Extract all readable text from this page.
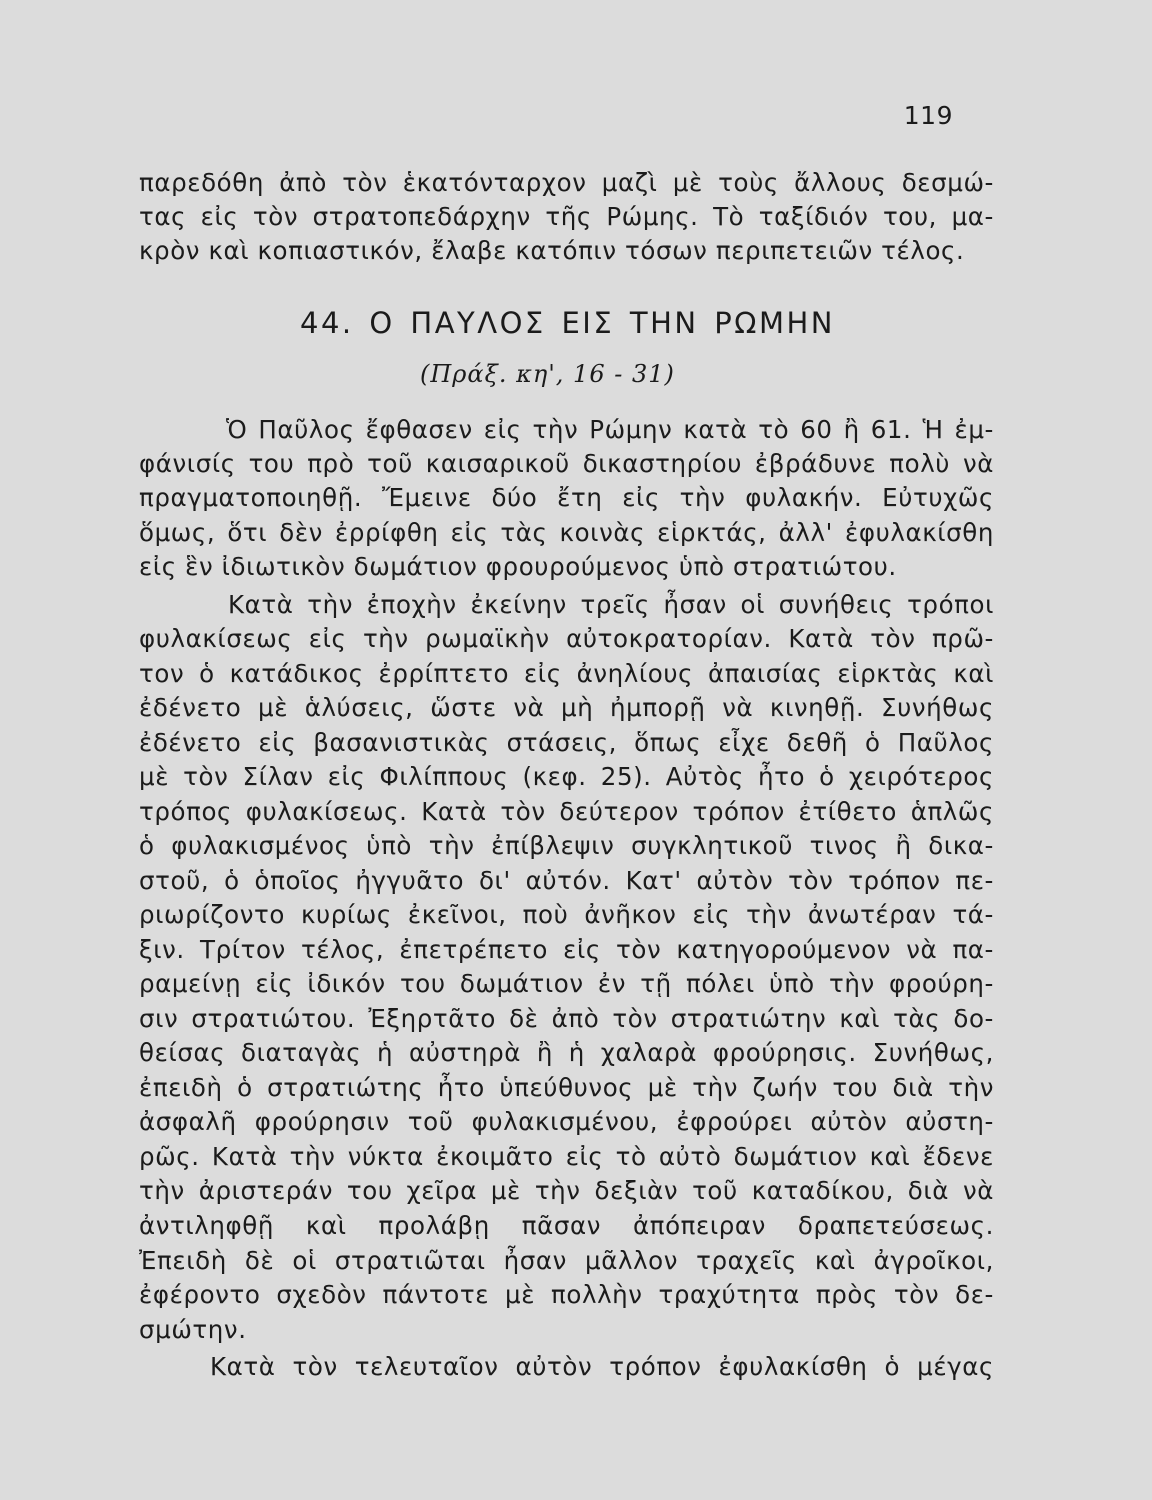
119
παρεδόθη ἀπὸ τὸν ἑκατόνταρχον μαζὶ μὲ τοὺς ἄλλους δεσμώ-
τας εἰς τὸν στρατοπεδάρχην τῆς Ρώμης. Τὸ ταξίδιόν του, μα-
κρὸν καὶ κοπιαστικόν, ἔλαβε κατόπιν τόσων περιπετειῶν τέλος.
44. Ο ΠΑΥΛΟΣ ΕΙΣ ΤΗΝ ΡΩΜΗΝ
(Πράξ. κη', 16 - 31)
Ὁ Παῦλος ἔφθασεν εἰς τὴν Ρώμην κατὰ τὸ 60 ἢ 61. Ἡ ἐμ-
φάνισίς του πρὸ τοῦ καισαρικοῦ δικαστηρίου ἐβράδυνε πολὺ νὰ
πραγματοποιηθῇ. Ἔμεινε δύο ἔτη εἰς τὴν φυλακήν. Εὐτυχῶς
ὅμως, ὅτι δὲν ἐρρίφθη εἰς τὰς κοινὰς εἱρκτάς, ἀλλ' ἐφυλακίσθη
εἰς ἓν ἰδιωτικὸν δωμάτιον φρουρούμενος ὑπὸ στρατιώτου.
Κατὰ τὴν ἐποχὴν ἐκείνην τρεῖς ἦσαν οἱ συνήθεις τρόποι
φυλακίσεως εἰς τὴν ρωμαϊκὴν αὐτοκρατορίαν. Κατὰ τὸν πρῶ-
τον ὁ κατάδικος ἐρρίπτετο εἰς ἀνηλίους ἀπαισίας εἱρκτὰς καὶ
ἐδένετο μὲ ἁλύσεις, ὥστε νὰ μὴ ἠμπορῇ νὰ κινηθῇ. Συνήθως
ἐδένετο εἰς βασανιστικὰς στάσεις, ὅπως εἶχε δεθῆ ὁ Παῦλος
μὲ τὸν Σίλαν εἰς Φιλίππους (κεφ. 25). Αὐτὸς ἦτο ὁ χειρότερος
τρόπος φυλακίσεως. Κατὰ τὸν δεύτερον τρόπον ἐτίθετο ἁπλῶς
ὁ φυλακισμένος ὑπὸ τὴν ἐπίβλεψιν συγκλητικοῦ τινος ἢ δικα-
στοῦ, ὁ ὁποῖος ἠγγυᾶτο δι' αὐτόν. Κατ' αὐτὸν τὸν τρόπον πε-
ριωρίζοντο κυρίως ἐκεῖνοι, ποὺ ἀνῆκον εἰς τὴν ἀνωτέραν τά-
ξιν. Τρίτον τέλος, ἐπετρέπετο εἰς τὸν κατηγορούμενον νὰ πα-
ραμείνῃ εἰς ἰδικόν του δωμάτιον ἐν τῇ πόλει ὑπὸ τὴν φρούρη-
σιν στρατιώτου. Ἐξηρτᾶτο δὲ ἀπὸ τὸν στρατιώτην καὶ τὰς δο-
θείσας διαταγὰς ἡ αὐστηρὰ ἢ ἡ χαλαρὰ φρούρησις. Συνήθως,
ἐπειδὴ ὁ στρατιώτης ἦτο ὑπεύθυνος μὲ τὴν ζωήν του διὰ τὴν
ἀσφαλῆ φρούρησιν τοῦ φυλακισμένου, ἐφρούρει αὐτὸν αὐστη-
ρῶς. Κατὰ τὴν νύκτα ἐκοιμᾶτο εἰς τὸ αὐτὸ δωμάτιον καὶ ἔδενε
τὴν ἀριστεράν του χεῖρα μὲ τὴν δεξιὰν τοῦ καταδίκου, διὰ νὰ
ἀντιληφθῇ καὶ προλάβῃ πᾶσαν ἀπόπειραν δραπετεύσεως.
Ἐπειδὴ δὲ οἱ στρατιῶται ἦσαν μᾶλλον τραχεῖς καὶ ἀγροῖκοι,
ἐφέροντο σχεδὸν πάντοτε μὲ πολλὴν τραχύτητα πρὸς τὸν δε-
σμώτην.
Κατὰ τὸν τελευταῖον αὐτὸν τρόπον ἐφυλακίσθη ὁ μέγας
